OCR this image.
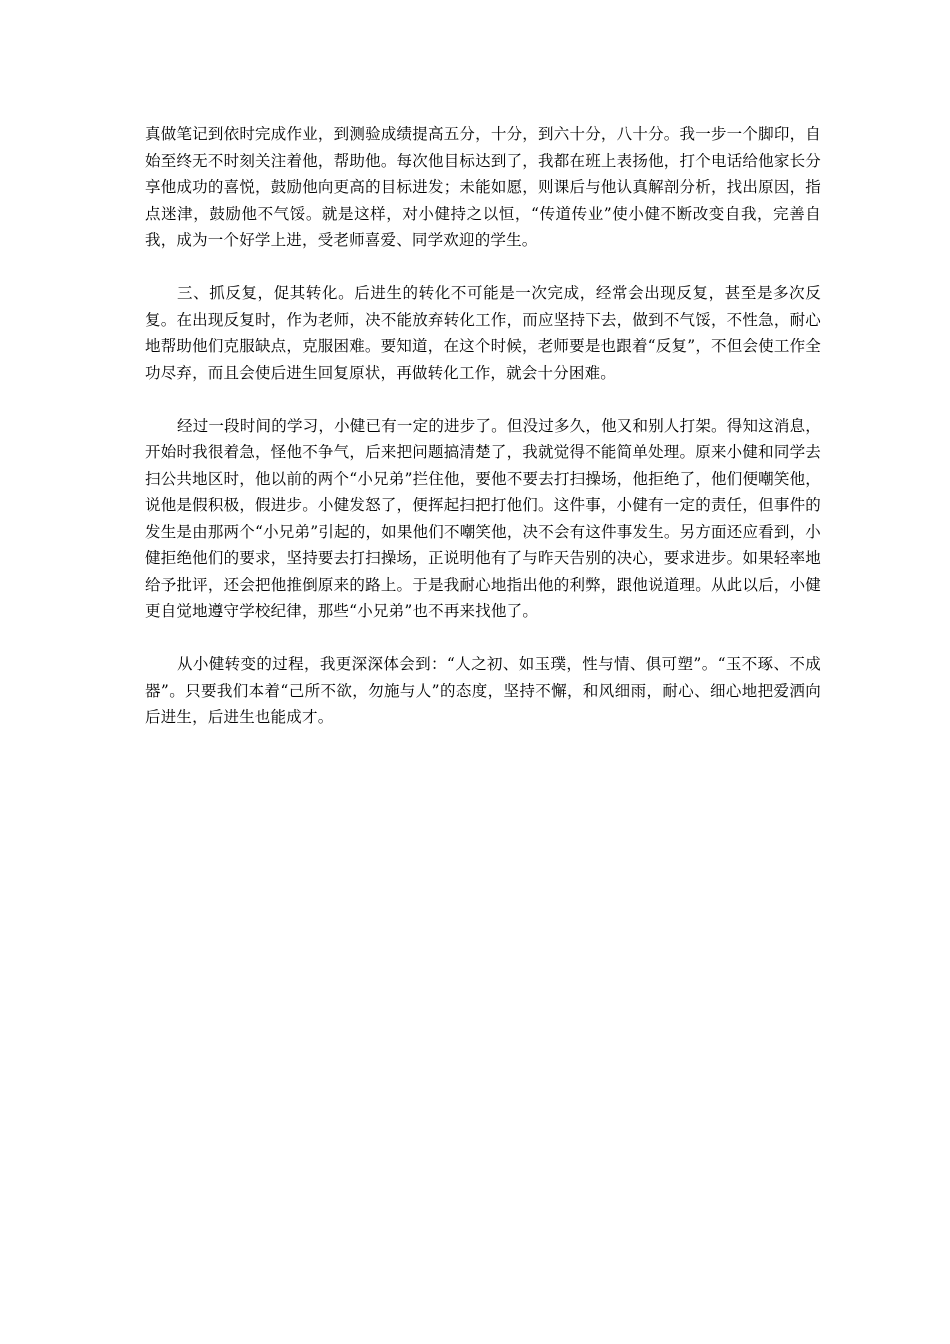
真做笔记到依时完成作业，到测验成绩提高五分，十分，到六十分，八十分。我一步一个脚印，自始至终无不时刻关注着他，帮助他。每次他目标达到了，我都在班上表扬他，打个电话给他家长分享他成功的喜悦，鼓励他向更高的目标进发；未能如愿，则课后与他认真解剖分析，找出原因，指点迷津，鼓励他不气馁。就是这样，对小健持之以恒，“传道传业”使小健不断改变自我，完善自我，成为一个好学上进，受老师喜爱、同学欢迎的学生。

三、抓反复，促其转化。后进生的转化不可能是一次完成，经常会出现反复，甚至是多次反复。在出现反复时，作为老师，决不能放弃转化工作，而应坚持下去，做到不气馁，不性急，耐心地帮助他们克服缺点，克服困难。要知道，在这个时候，老师要是也跟着“反复”，不但会使工作全功尽弃，而且会使后进生回复原状，再做转化工作，就会十分困难。

经过一段时间的学习，小健已有一定的进步了。但没过多久，他又和别人打架。得知这消息，开始时我很着急，怪他不争气，后来把问题搞清楚了，我就觉得不能简单处理。原来小健和同学去扫公共地区时，他以前的两个“小兄弟”拦住他，要他不要去打扫操场，他拒绝了，他们便嘲笑他，说他是假积极，假进步。小健发怒了，便挥起扫把打他们。这件事，小健有一定的责任，但事件的发生是由那两个“小兄弟”引起的，如果他们不嘲笑他，决不会有这件事发生。另方面还应看到，小健拒绝他们的要求，坚持要去打扫操场，正说明他有了与昨天告别的决心，要求进步。如果轻率地给予批评，还会把他推倒原来的路上。于是我耐心地指出他的利弊，跟他说道理。从此以后，小健更自觉地遵守学校纪律，那些“小兄弟”也不再来找他了。

从小健转变的过程，我更深深体会到：“人之初、如玉璞，性与情、俱可塑”。“玉不琢、不成器”。只要我们本着“己所不欲，勿施与人”的态度，坚持不懈，和风细雨，耐心、细心地把爱洒向后进生，后进生也能成才。
